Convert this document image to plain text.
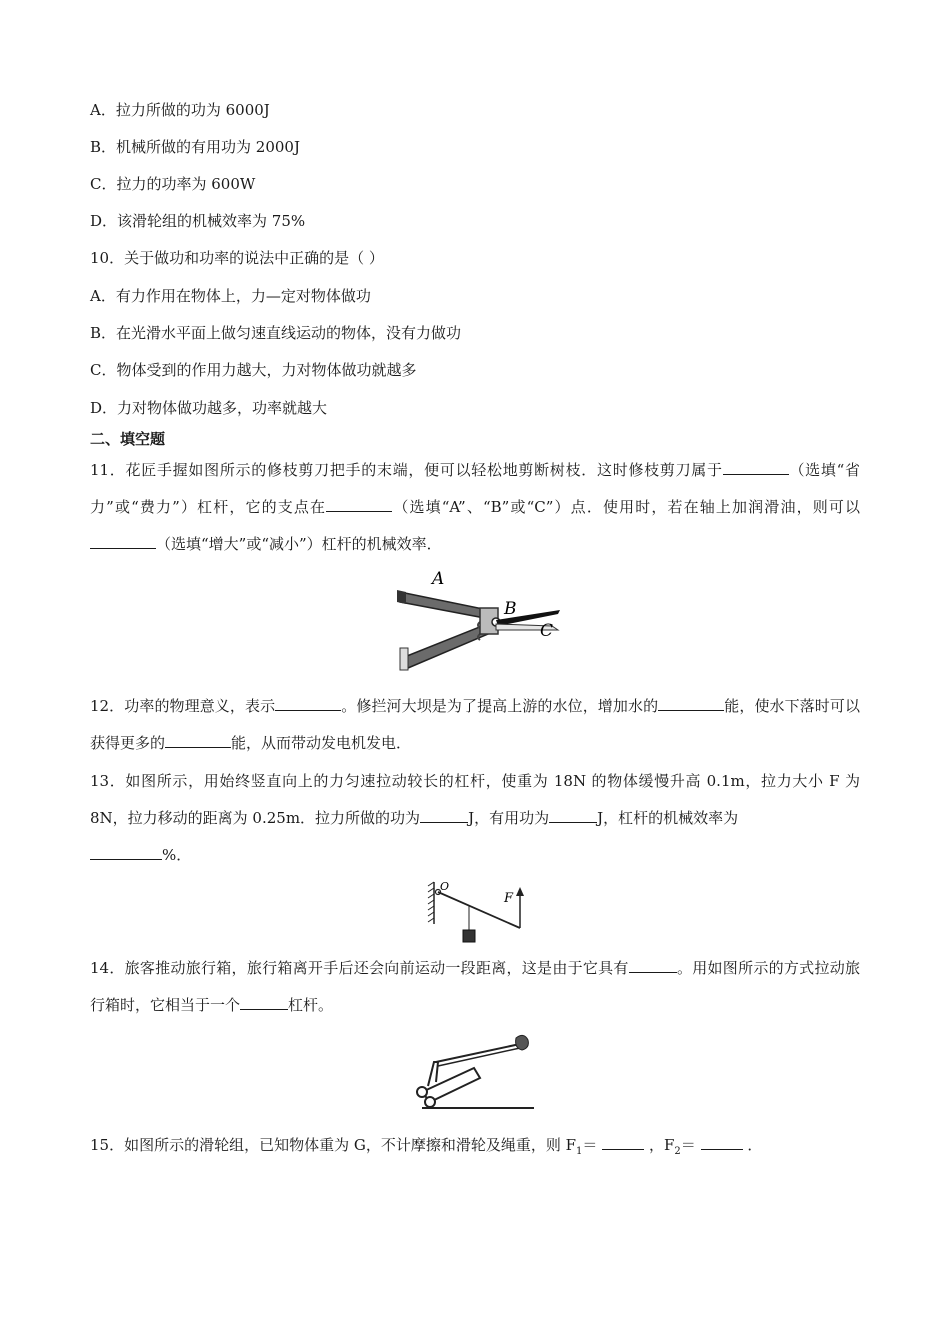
A．拉力所做的功为 6000J
B．机械所做的有用功为 2000J
C．拉力的功率为 600W
D．该滑轮组的机械效率为 75%
10．关于做功和功率的说法中正确的是（ ）
A．有力作用在物体上，力—定对物体做功
B．在光滑水平面上做匀速直线运动的物体，没有力做功
C．物体受到的作用力越大，力对物体做功就越多
D．力对物体做功越多，功率就越大
二、填空题
11．花匠手握如图所示的修枝剪刀把手的末端，便可以轻松地剪断树枝．这时修枝剪刀属于	（选填“省力”或“费力”）杠杆，它的支点在	（选填“A”、“B”或“C”）点．使用时，若在轴上加润滑油，则可以（选填“增大”或“减小”）杠杆的机械效率．
A
B
C
12．功率的物理意义，表示	。修拦河大坝是为了提高上游的水位，增加水的	能，使水下落时可以获得更多的	能，从而带动发电机发电．
13．如图所示，用始终竖直向上的力匀速拉动较长的杠杆，使重为 18N 的物体缓慢升高 0.1m，拉力大小 F 为 8N，拉力移动的距离为 0.25m．拉力所做的功为	J，有用功为	J，杠杆的机械效率为
%．
O
F
14．旅客推动旅行箱，旅行箱离开手后还会向前运动一段距离，这是由于它具有	。用如图所示的方式拉动旅行箱时，它相当于一个	杠杆。
15．如图所示的滑轮组，已知物体重为 G，不计摩擦和滑轮及绳重，则 $F_1=$	，$F_2=$	．
